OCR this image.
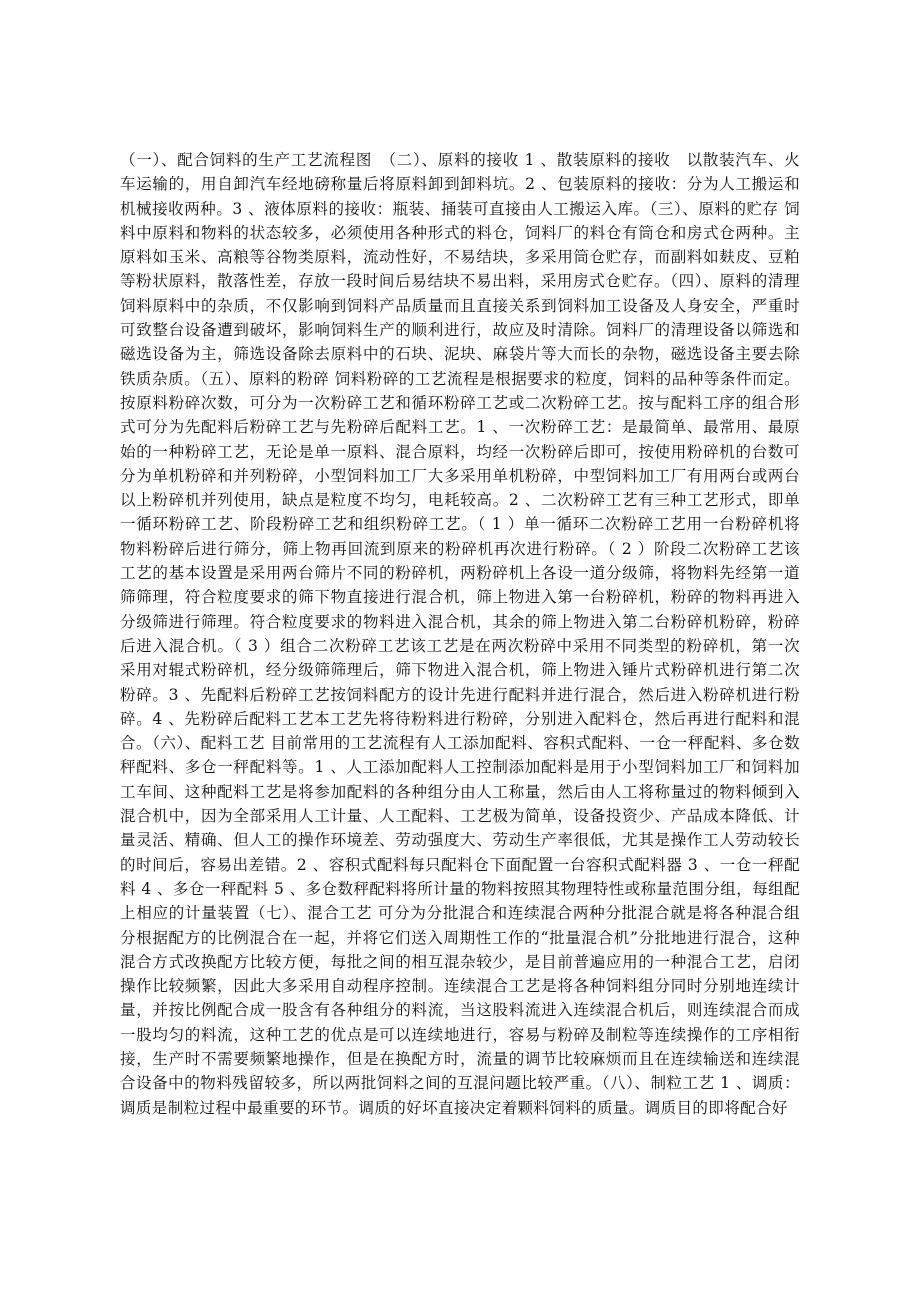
（一）、配合饲料的生产工艺流程图　（二）、原料的接收 1 、散装原料的接收　以散装汽车、火车运输的，用自卸汽车经地磅称量后将原料卸到卸料坑。2 、包装原料的接收：分为人工搬运和机械接收两种。3 、液体原料的接收：瓶装、捅装可直接由人工搬运入库。（三）、原料的贮存 饲料中原料和物料的状态较多，必须使用各种形式的料仓，饲料厂的料仓有筒仓和房式仓两种。主原料如玉米、高粮等谷物类原料，流动性好，不易结块，多采用筒仓贮存，而副料如麸皮、豆粕等粉状原料，散落性差，存放一段时间后易结块不易出料，采用房式仓贮存。（四）、原料的清理 饲料原料中的杂质，不仅影响到饲料产品质量而且直接关系到饲料加工设备及人身安全，严重时可致整台设备遭到破坏，影响饲料生产的顺利进行，故应及时清除。饲料厂的清理设备以筛选和磁选设备为主，筛选设备除去原料中的石块、泥块、麻袋片等大而长的杂物，磁选设备主要去除铁质杂质。（五）、原料的粉碎 饲料粉碎的工艺流程是根据要求的粒度，饲料的品种等条件而定。按原料粉碎次数，可分为一次粉碎工艺和循环粉碎工艺或二次粉碎工艺。按与配料工序的组合形式可分为先配料后粉碎工艺与先粉碎后配料工艺。1 、一次粉碎工艺：是最简单、最常用、最原始的一种粉碎工艺，无论是单一原料、混合原料，均经一次粉碎后即可，按使用粉碎机的台数可分为单机粉碎和并列粉碎，小型饲料加工厂大多采用单机粉碎，中型饲料加工厂有用两台或两台以上粉碎机并列使用，缺点是粒度不均匀，电耗较高。2 、二次粉碎工艺有三种工艺形式，即单一循环粉碎工艺、阶段粉碎工艺和组织粉碎工艺。（ 1 ）单一循环二次粉碎工艺用一台粉碎机将物料粉碎后进行筛分，筛上物再回流到原来的粉碎机再次进行粉碎。（ 2 ）阶段二次粉碎工艺该工艺的基本设置是采用两台筛片不同的粉碎机，两粉碎机上各设一道分级筛，将物料先经第一道筛筛理，符合粒度要求的筛下物直接进行混合机，筛上物进入第一台粉碎机，粉碎的物料再进入分级筛进行筛理。符合粒度要求的物料进入混合机，其余的筛上物进入第二台粉碎机粉碎，粉碎后进入混合机。（ 3 ）组合二次粉碎工艺该工艺是在两次粉碎中采用不同类型的粉碎机，第一次采用对辊式粉碎机，经分级筛筛理后，筛下物进入混合机，筛上物进入锤片式粉碎机进行第二次粉碎。3 、先配料后粉碎工艺按饲料配方的设计先进行配料并进行混合，然后进入粉碎机进行粉碎。4 、先粉碎后配料工艺本工艺先将待粉料进行粉碎，分别进入配料仓，然后再进行配料和混合。（六）、配料工艺 目前常用的工艺流程有人工添加配料、容积式配料、一仓一秤配料、多仓数秤配料、多仓一秤配料等。1 、人工添加配料人工控制添加配料是用于小型饲料加工厂和饲料加工车间、这种配料工艺是将参加配料的各种组分由人工称量，然后由人工将称量过的物料倾到入混合机中，因为全部采用人工计量、人工配料、工艺极为简单，设备投资少、产品成本降低、计量灵活、精确、但人工的操作环境差、劳动强度大、劳动生产率很低，尤其是操作工人劳动较长的时间后，容易出差错。2 、容积式配料每只配料仓下面配置一台容积式配料器 3 、一仓一秤配料 4 、多仓一秤配料 5 、多仓数秤配料将所计量的物料按照其物理特性或称量范围分组，每组配上相应的计量装置（七）、混合工艺 可分为分批混合和连续混合两种分批混合就是将各种混合组分根据配方的比例混合在一起，并将它们送入周期性工作的“批量混合机”分批地进行混合，这种混合方式改换配方比较方便，每批之间的相互混杂较少，是目前普遍应用的一种混合工艺，启闭操作比较频繁，因此大多采用自动程序控制。连续混合工艺是将各种饲料组分同时分别地连续计量，并按比例配合成一股含有各种组分的料流，当这股料流进入连续混合机后，则连续混合而成一股均匀的料流，这种工艺的优点是可以连续地进行，容易与粉碎及制粒等连续操作的工序相衔接，生产时不需要频繁地操作，但是在换配方时，流量的调节比较麻烦而且在连续输送和连续混合设备中的物料残留较多，所以两批饲料之间的互混问题比较严重。（八）、制粒工艺 1 、调质：调质是制粒过程中最重要的环节。调质的好坏直接决定着颗料饲料的质量。调质目的即将配合好
